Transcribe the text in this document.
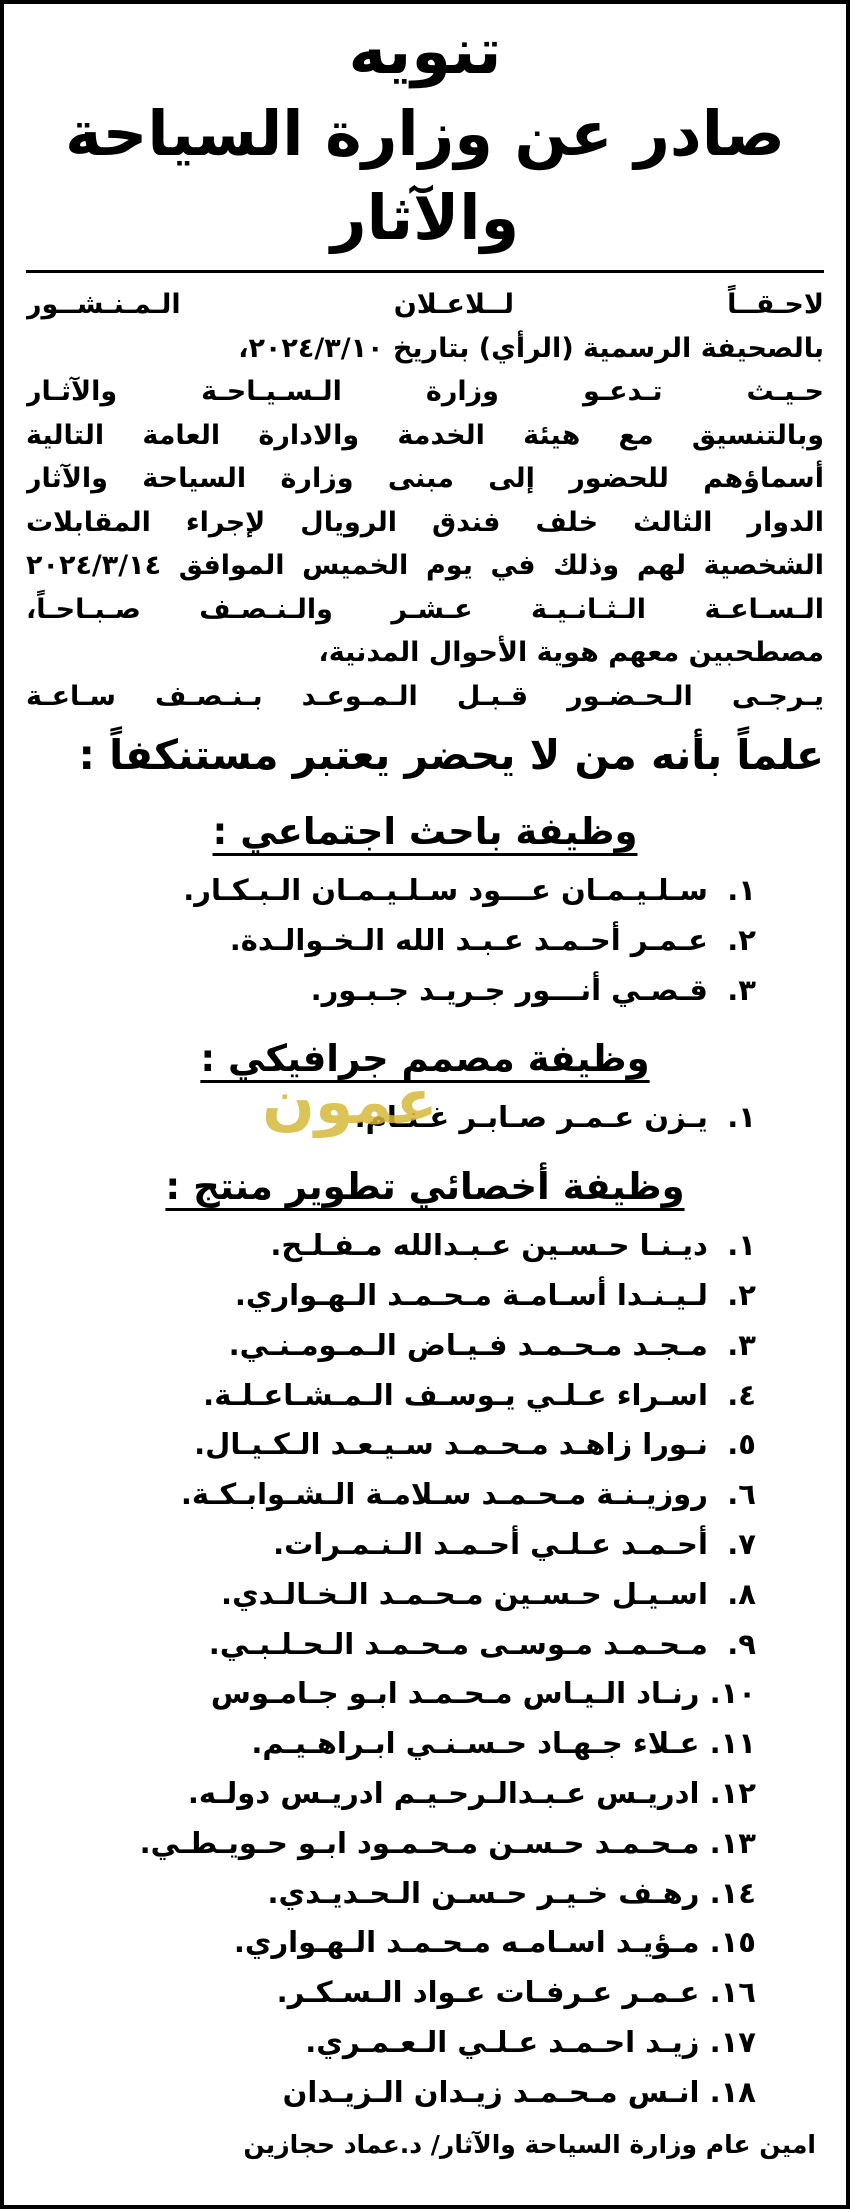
تنويه
صادر عن وزارة السياحة والآثار
لاحـقــاً لــلاعـلان الـمـنـشــور
بالصحيفة الرسمية (الرأي) بتاريخ ٢٠٢٤/٣/١٠،
حـيـث تـدعـو وزارة الـسـيـاحـة والآثـار
وبالتنسيق مع هيئة الخدمة والادارة العامة التالية
أسماؤهم للحضور إلى مبنى وزارة السياحة والآثار
الدوار الثالث خلف فندق الرويال لإجراء المقابلات
الشخصية لهم وذلك في يوم الخميس الموافق ٢٠٢٤/٣/١٤
الـسـاعـة الـثـانـيـة عـشـر والـنـصـف صـبـاحـاً،
مصطحبين معهم هوية الأحوال المدنية،
يـرجـى الـحـضـور قـبـل الـمـوعـد بـنـصـف سـاعـة
علماً بأنه من لا يحضر يعتبر مستنكفاً :
وظيفة باحث اجتماعي :
١. سـلـيـمـان عـــود سـلـيـمـان الـبـكـار.
٢. عـمـر أحـمـد عـبـد الله الـخـوالـدة.
٣. قـصـي أنـــور جـريـد جـبـور.
وظيفة مصمم جرافيكي :
١. يـزن عـمـر صـابـر غـنـام.
وظيفة أخصائي تطوير منتج :
١. ديـنـا حـسـين عـبـدالله مـفـلـح.
٢. لـيـنـدا أسـامـة مـحـمـد الـهـواري.
٣. مـجـد مـحـمـد فـيـاض الـمـومـنـي.
٤. اسـراء عـلـي يـوسـف الـمـشـاعـلـة.
٥. نـورا زاهـد مـحـمـد سـيـعـد الـكـيـال.
٦. روزيـنـة مـحـمـد سـلامـة الـشـوابـكـة.
٧. أحـمـد عـلـي أحـمـد الـنـمـرات.
٨. اسـيـل حـسـين مـحـمـد الـخـالـدي.
٩. مـحـمـد مـوسـى مـحـمـد الـحـلـبـي.
١٠. رنـاد الـيـاس مـحـمـد ابـو جـامـوس
١١. عـلاء جـهـاد حـسـنـي ابـراهـيـم.
١٢. ادريـس عـبـدالـرحـيـم ادريـس دولـه.
١٣. مـحـمـد حـسـن مـحـمـود ابـو حـويـطـي.
١٤. رهـف خـيـر حـسـن الـحـديـدي.
١٥. مـؤيـد اسـامـه مـحـمـد الـهـواري.
١٦. عـمـر عـرفـات عـواد الـسـكـر.
١٧. زيـد احـمـد عـلـي الـعـمـري.
١٨. انـس مـحـمـد زيـدان الـزيـدان
عمون
امين عام وزارة السياحة والآثار/ د.عماد حجازين
